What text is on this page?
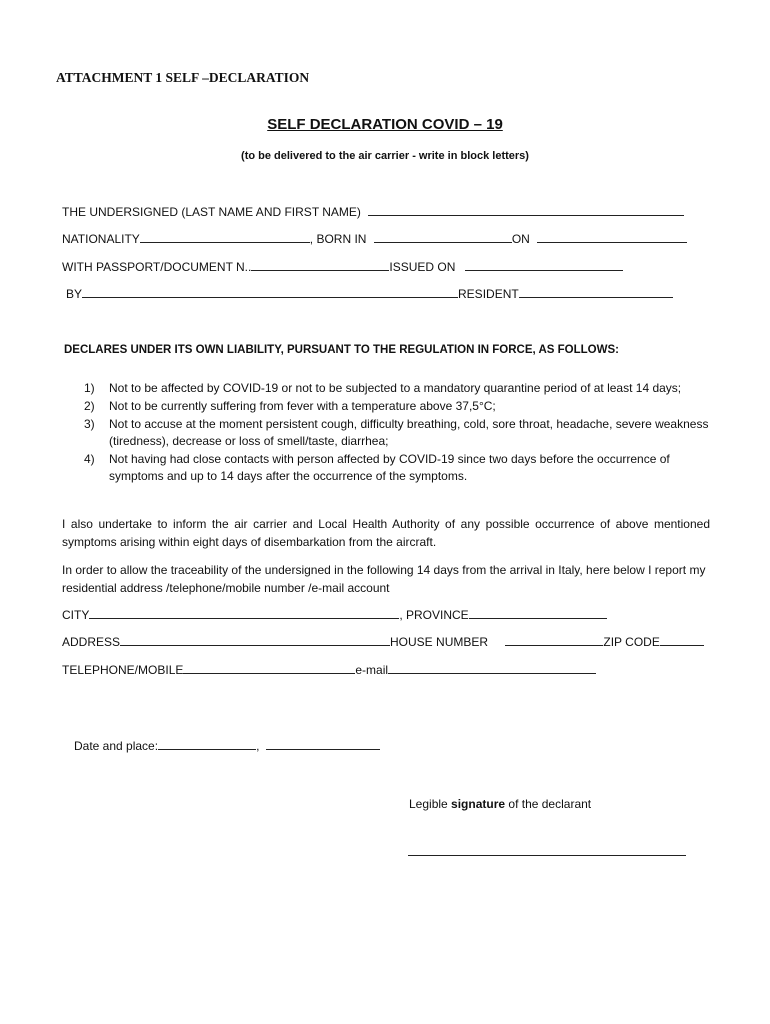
ATTACHMENT 1 SELF –DECLARATION
SELF DECLARATION COVID – 19
(to be delivered to the air carrier - write in block letters)
THE UNDERSIGNED (LAST NAME AND FIRST NAME)
NATIONALITY	, BORN IN	ON
WITH PASSPORT/DOCUMENT N..	ISSUED ON
BY	RESIDENT
DECLARES UNDER ITS OWN LIABILITY, PURSUANT TO THE REGULATION IN FORCE, AS FOLLOWS:
1) Not to be affected by COVID-19 or not to be subjected to a mandatory quarantine period of at least 14 days;
2) Not to be currently suffering from fever with a temperature above 37,5°C;
3) Not to accuse at the moment persistent cough, difficulty breathing, cold, sore throat, headache, severe weakness (tiredness), decrease or loss of smell/taste, diarrhea;
4) Not having had close contacts with person affected by COVID-19 since two days before the occurrence of symptoms and up to 14 days after the occurrence of the symptoms.
I also undertake to inform the air carrier and Local Health Authority of any possible occurrence of above mentioned symptoms arising within eight days of disembarkation from the aircraft.
In order to allow the traceability of the undersigned in the following 14 days from the arrival in Italy, here below I report my residential address /telephone/mobile number /e-mail account
CITY	, PROVINCE
ADDRESS	HOUSE NUMBER	ZIP CODE
TELEPHONE/MOBILE	e-mail
Date and place:	,
Legible signature of the declarant
